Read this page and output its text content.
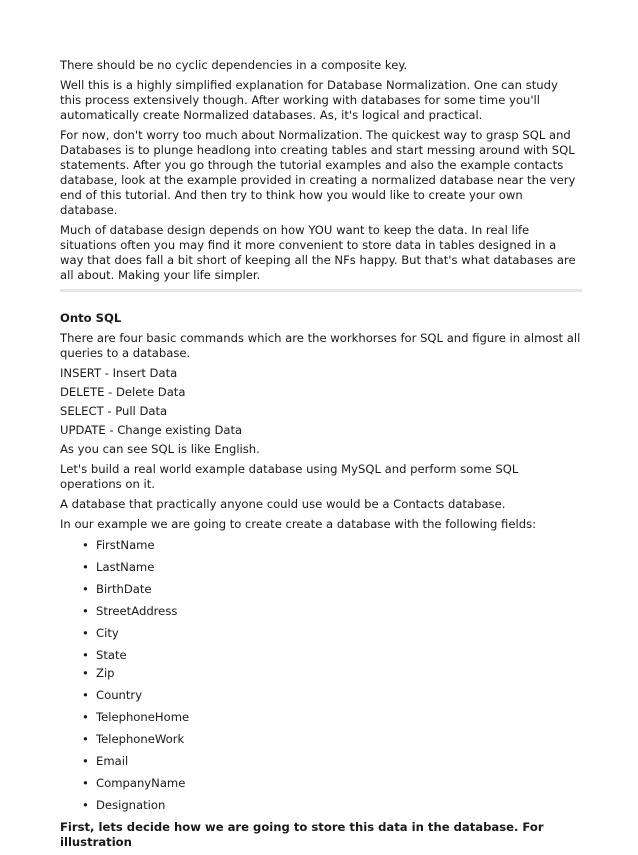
There should be no cyclic dependencies in a composite key.

Well this is a highly simplified explanation for Database Normalization. One can study this process extensively though. After working with databases for some time you'll automatically create Normalized databases. As, it's logical and practical.

For now, don't worry too much about Normalization. The quickest way to grasp SQL and Databases is to plunge headlong into creating tables and start messing around with SQL statements. After you go through the tutorial examples and also the example contacts database, look at the example provided in creating a normalized database near the very end of this tutorial. And then try to think how you would like to create your own database.

Much of database design depends on how YOU want to keep the data. In real life situations often you may find it more convenient to store data in tables designed in a way that does fall a bit short of keeping all the NFs happy. But that's what databases are all about. Making your life simpler.

Onto SQL

There are four basic commands which are the workhorses for SQL and figure in almost all queries to a database.

INSERT - Insert Data

DELETE - Delete Data

SELECT - Pull Data

UPDATE - Change existing Data

As you can see SQL is like English.

Let's build a real world example database using MySQL and perform some SQL operations on it.

A database that practically anyone could use would be a Contacts database.

In our example we are going to create create a database with the following fields:

• FirstName
• LastName
• BirthDate
• StreetAddress
• City
• State
• Zip
• Country
• TelephoneHome
• TelephoneWork
• Email
• CompanyName
• Designation

First, lets decide how we are going to store this data in the database. For illustration
